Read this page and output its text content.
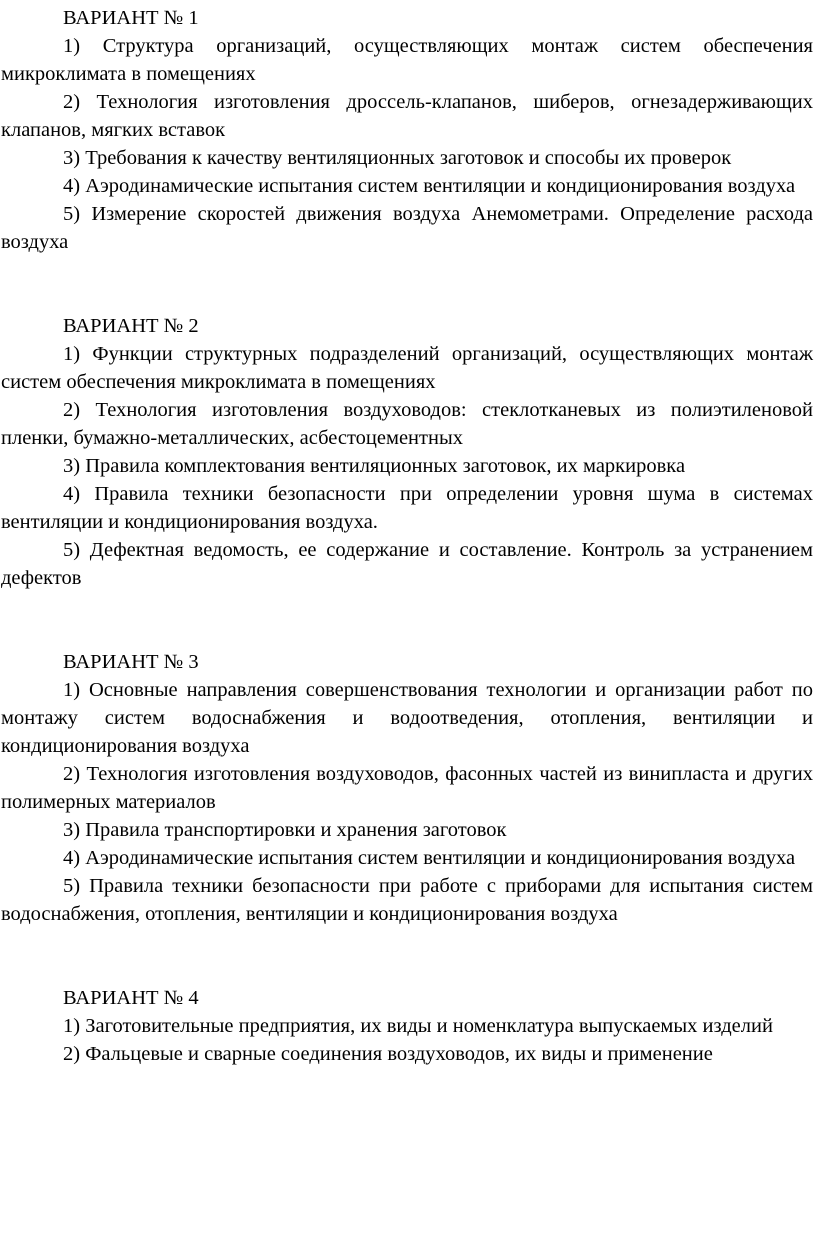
ВАРИАНТ № 1

1) Структура организаций, осуществляющих монтаж систем обеспечения микроклимата в помещениях

2) Технология изготовления дроссель-клапанов, шиберов, огнезадерживающих клапанов, мягких вставок

3) Требования к качеству вентиляционных заготовок и способы их проверок

4) Аэродинамические испытания систем вентиляции и кондиционирования воздуха

5) Измерение скоростей движения воздуха Анемометрами. Определение расхода воздуха

ВАРИАНТ № 2

1) Функции структурных подразделений организаций, осуществляющих монтаж систем обеспечения микроклимата в помещениях

2) Технология изготовления воздуховодов: стеклотканевых из полиэтиленовой пленки, бумажно-металлических, асбестоцементных

3) Правила комплектования вентиляционных заготовок, их маркировка

4) Правила техники безопасности при определении уровня шума в системах вентиляции и кондиционирования воздуха.

5) Дефектная ведомость, ее содержание и составление. Контроль за устранением дефектов

ВАРИАНТ № 3

1) Основные направления совершенствования технологии и организации работ по монтажу систем водоснабжения и водоотведения, отопления, вентиляции и кондиционирования воздуха

2) Технология изготовления воздуховодов, фасонных частей из винипласта и других полимерных материалов

3) Правила транспортировки и хранения заготовок

4) Аэродинамические испытания систем вентиляции и кондиционирования воздуха

5) Правила техники безопасности при работе с приборами для испытания систем водоснабжения, отопления, вентиляции и кондиционирования воздуха

ВАРИАНТ № 4

1) Заготовительные предприятия, их виды и номенклатура выпускаемых изделий

2) Фальцевые и сварные соединения воздуховодов, их виды и применение
